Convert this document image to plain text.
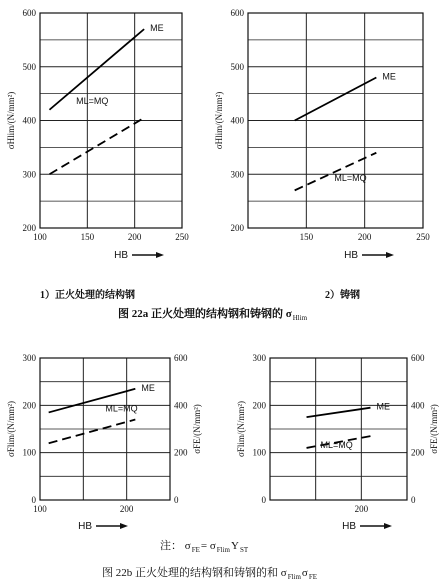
200
300
400
500
600
100	150	200	250
HB
σHlim/(N/mm²)
ME
ML=MQ
200
300
400
500
600
150	200	250
HB
σHlim/(N/mm²)
ME
ML=MQ
0
100
200
300
0
200
400
600
100	200
HB
σFlim/(N/mm²)	σFE/(N/mm²)
ME
ML=MQ
0
100
200
300
0
200
400
600
200
HB
σFlim/(N/mm²)	σFE/(N/mm²)
ME
ML=MQ
1）正火处理的结构钢	2）铸钢
图 22a 正火处理的结构钢和铸钢的 σ Hlim
注： σ FE = σ Flim Y ST
图 22b 正火处理的结构钢和铸钢的和 σ Flim σ FE
